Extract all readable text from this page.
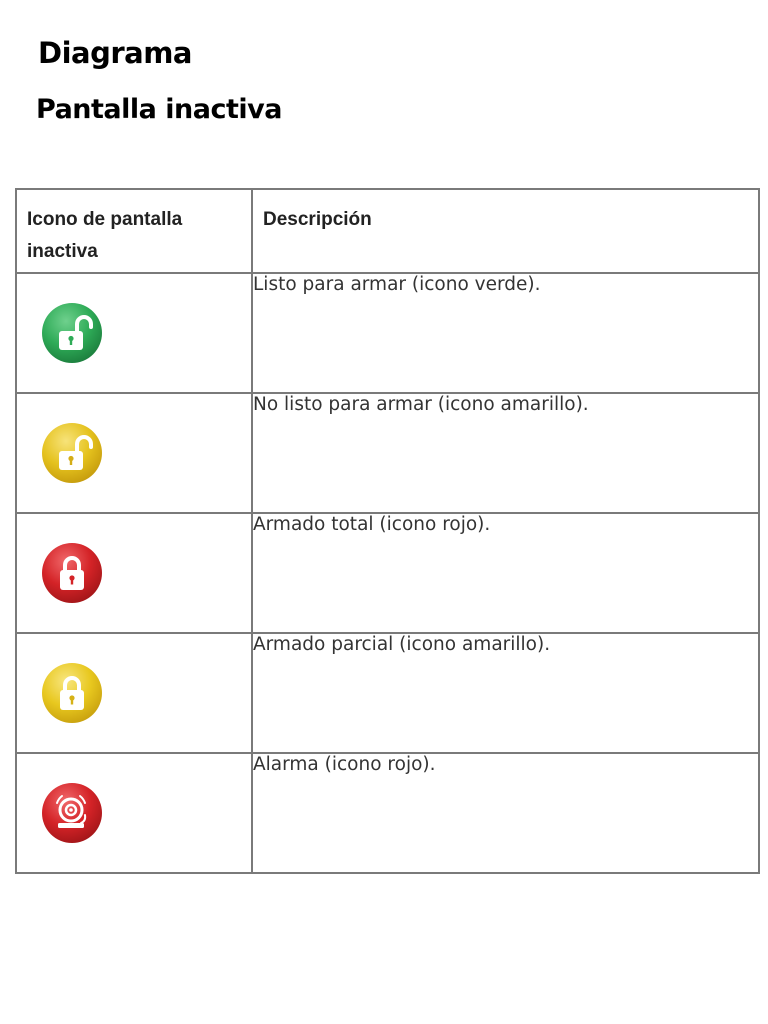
Diagrama
Pantalla inactiva
Icono de pantalla inactiva	Descripción

	Listo para armar (icono verde).

	No listo para armar (icono amarillo).

	Armado total (icono rojo).

	Armado parcial (icono amarillo).

	Alarma (icono rojo).
